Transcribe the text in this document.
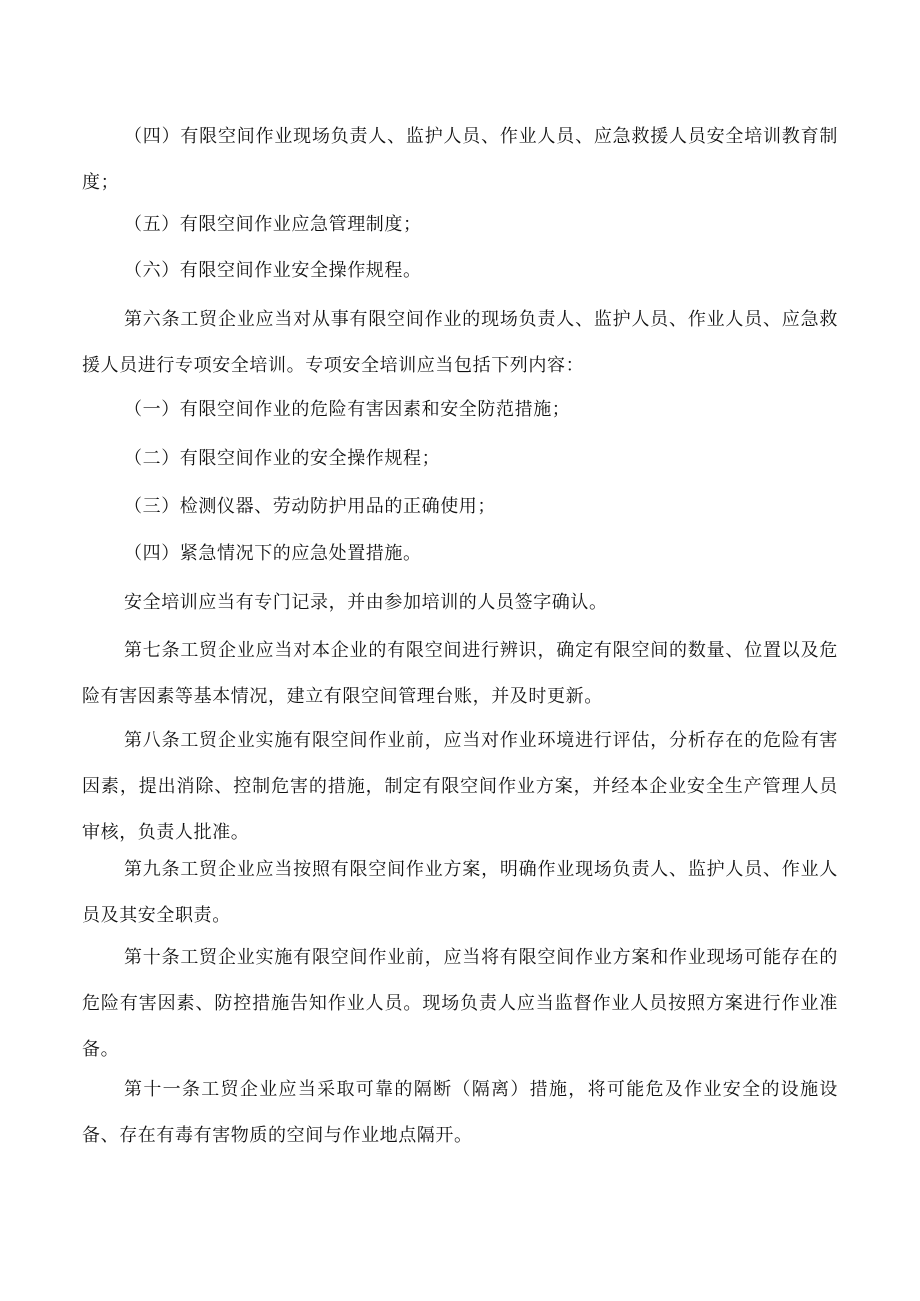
（四）有限空间作业现场负责人、监护人员、作业人员、应急救援人员安全培训教育制度；

（五）有限空间作业应急管理制度；

（六）有限空间作业安全操作规程。

第六条工贸企业应当对从事有限空间作业的现场负责人、监护人员、作业人员、应急救援人员进行专项安全培训。专项安全培训应当包括下列内容：

（一）有限空间作业的危险有害因素和安全防范措施；

（二）有限空间作业的安全操作规程；

（三）检测仪器、劳动防护用品的正确使用；

（四）紧急情况下的应急处置措施。

安全培训应当有专门记录，并由参加培训的人员签字确认。

第七条工贸企业应当对本企业的有限空间进行辨识，确定有限空间的数量、位置以及危险有害因素等基本情况，建立有限空间管理台账，并及时更新。

第八条工贸企业实施有限空间作业前，应当对作业环境进行评估，分析存在的危险有害因素，提出消除、控制危害的措施，制定有限空间作业方案，并经本企业安全生产管理人员审核，负责人批准。

第九条工贸企业应当按照有限空间作业方案，明确作业现场负责人、监护人员、作业人员及其安全职责。

第十条工贸企业实施有限空间作业前，应当将有限空间作业方案和作业现场可能存在的危险有害因素、防控措施告知作业人员。现场负责人应当监督作业人员按照方案进行作业准备。

第十一条工贸企业应当采取可靠的隔断（隔离）措施，将可能危及作业安全的设施设备、存在有毒有害物质的空间与作业地点隔开。
